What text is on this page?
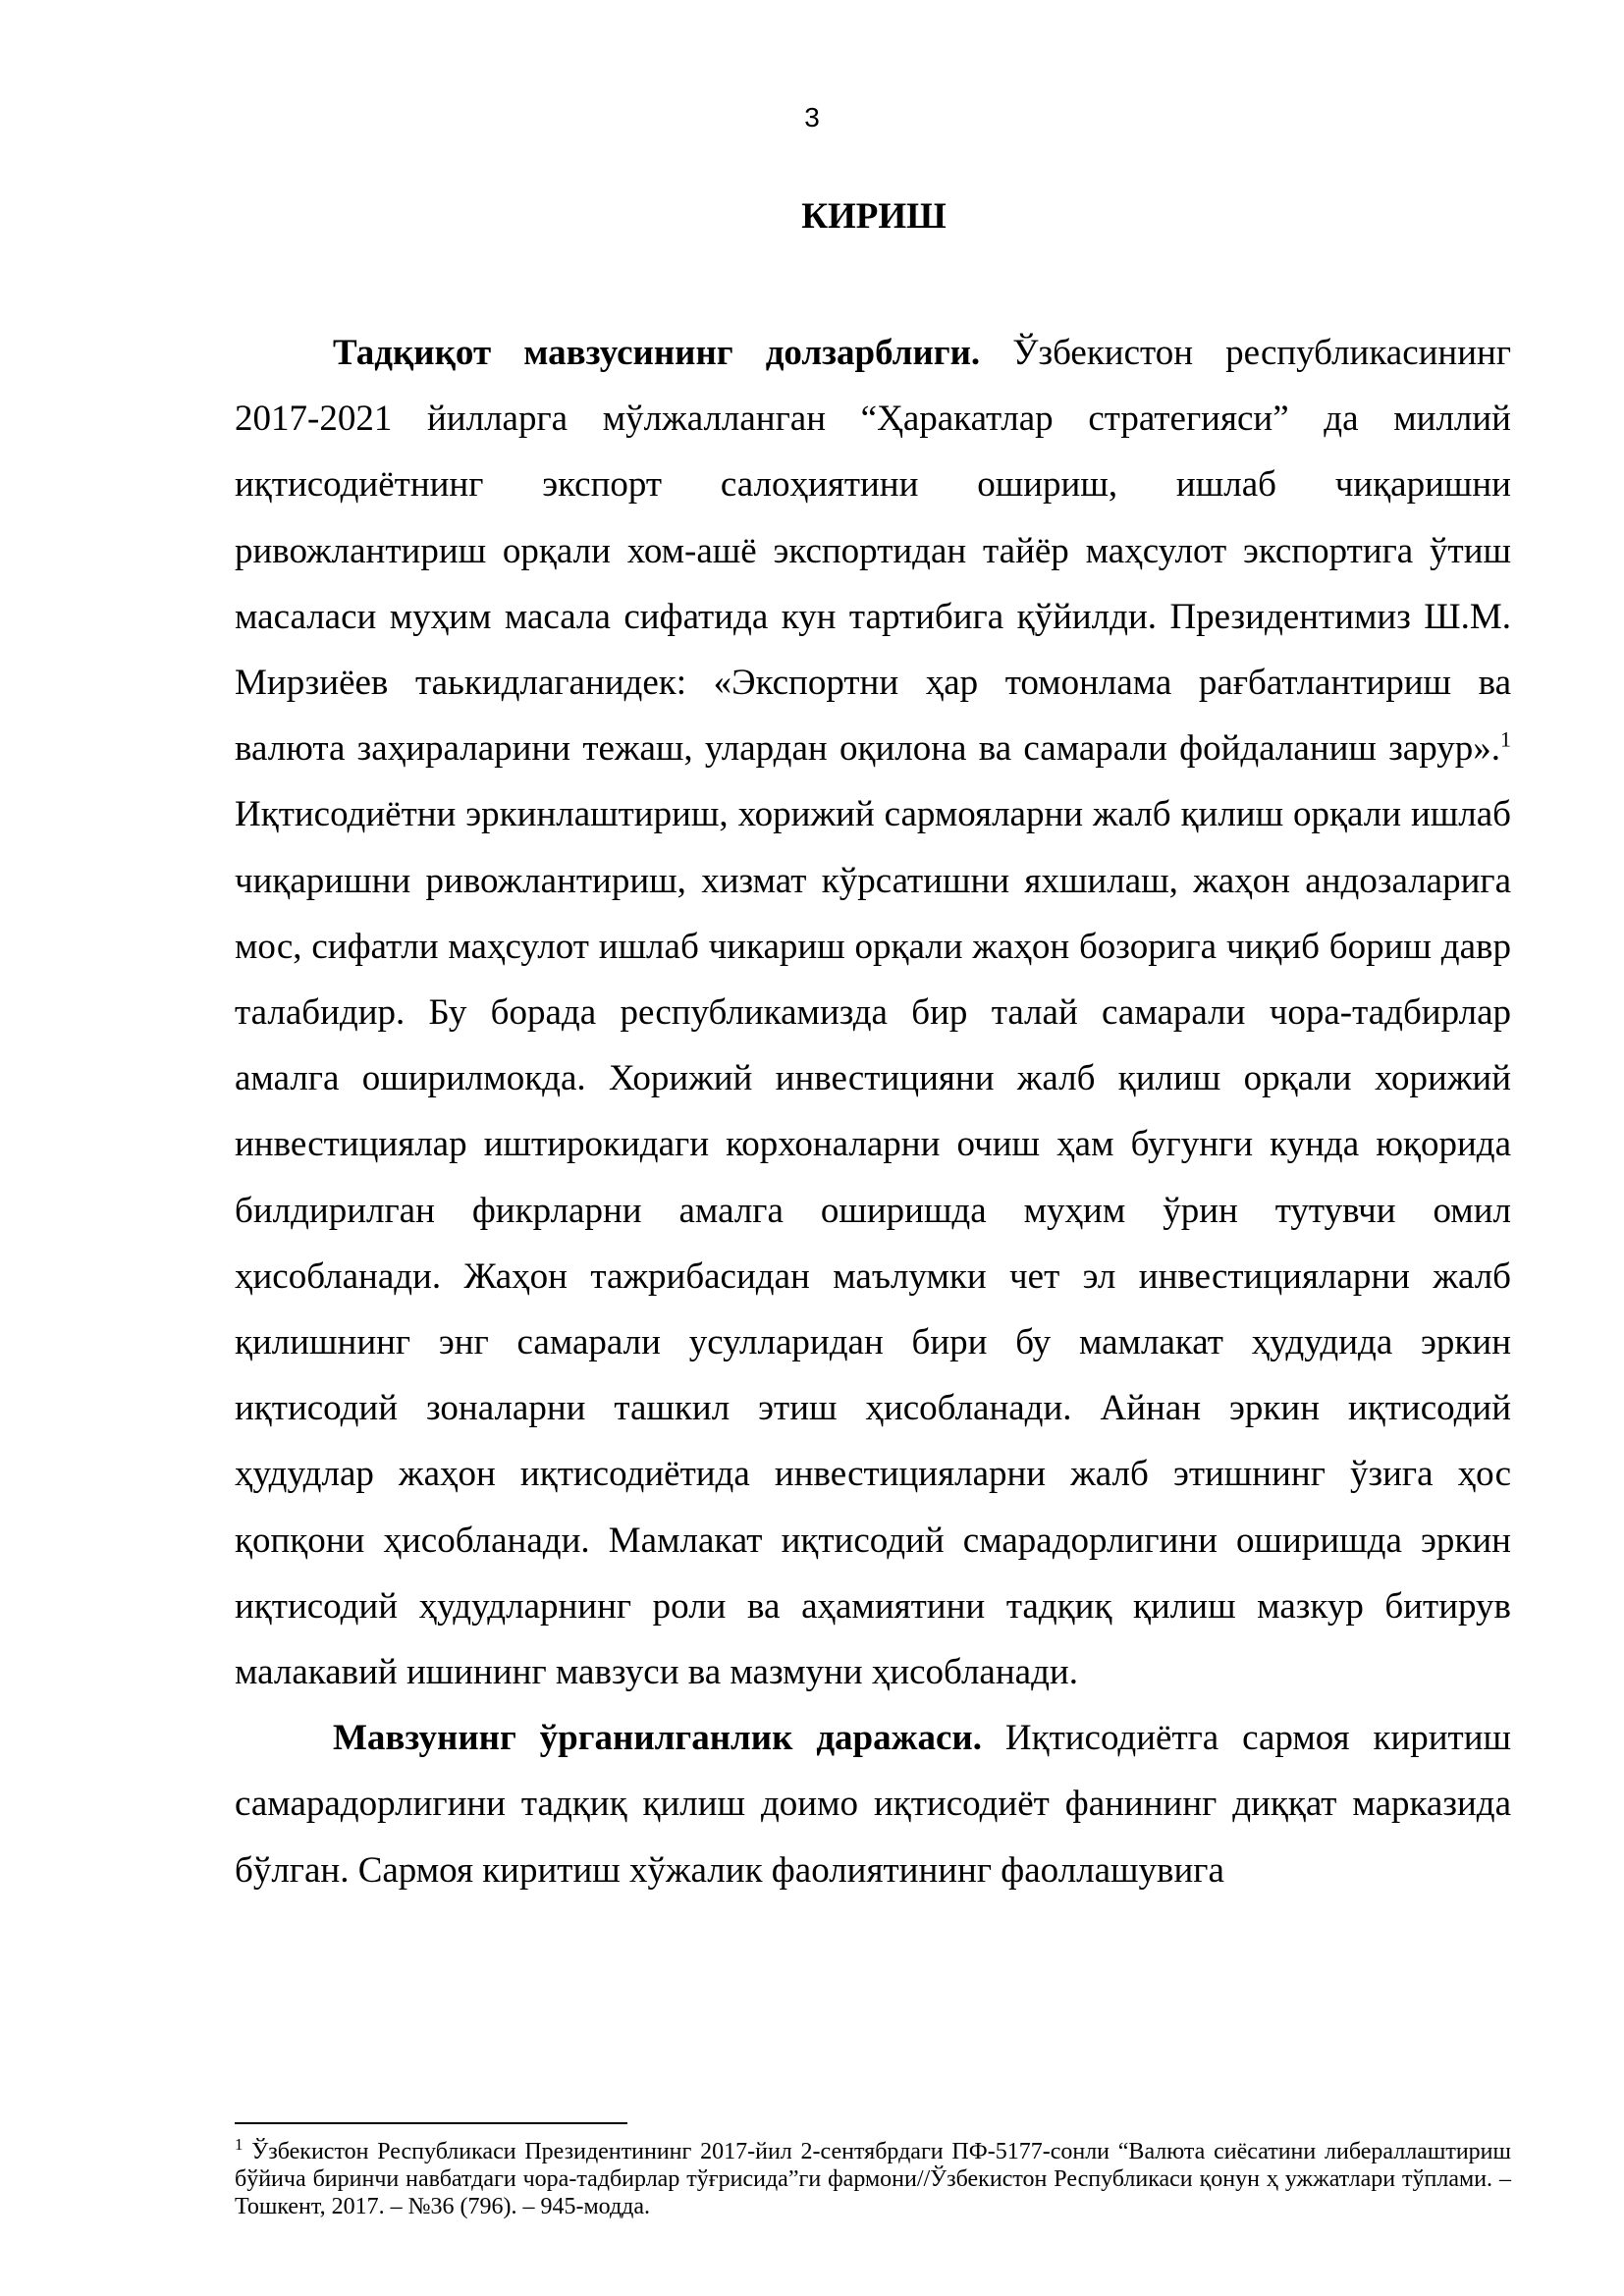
3
КИРИШ

Тадқиқот мавзусининг долзарблиги. Ўзбекистон республикасининг 2017-2021 йилларга мўлжалланган “Ҳаракатлар стратегияси” да миллий иқтисодиётнинг экспорт салоҳиятини ошириш, ишлаб чиқаришни ривожлантириш орқали хом-ашё экспортидан тайёр маҳсулот экспортига ўтиш масаласи муҳим масала сифатида кун тартибига қўйилди. Президентимиз Ш.М. Мирзиёев таькидлаганидек: «Экспортни ҳар томонлама рағбатлантириш ва валюта заҳираларини тежаш, улардан оқилона ва самарали фойдаланиш зарур».$^1$ Иқтисодиётни эркинлаштириш, хорижий сармояларни жалб қилиш орқали ишлаб чиқаришни ривожлантириш, хизмат кўрсатишни яхшилаш, жаҳон андозаларига мос, сифатли маҳсулот ишлаб чикариш орқали жаҳон бозорига чиқиб бориш давр талабидир. Бу борада республикамизда бир талай самарали чора-тадбирлар амалга оширилмокда. Хорижий инвестицияни жалб қилиш орқали хорижий инвестициялар иштирокидаги корхоналарни очиш ҳам бугунги кунда юқорида билдирилган фикрларни амалга оширишда муҳим ўрин тутувчи омил ҳисобланади. Жаҳон тажрибасидан маълумки чет эл инвестицияларни жалб қилишнинг энг самарали усулларидан бири бу мамлакат ҳудудида эркин иқтисодий зоналарни ташкил этиш ҳисобланади. Айнан эркин иқтисодий ҳудудлар жаҳон иқтисодиётида инвестицияларни жалб этишнинг ўзига ҳос қопқони ҳисобланади. Мамлакат иқтисодий смарадорлигини оширишда эркин иқтисодий ҳудудларнинг роли ва аҳамиятини тадқиқ қилиш мазкур битирув малакавий ишининг мавзуси ва мазмуни ҳисобланади.

Мавзунинг ўрганилганлик даражаси. Иқтисодиётга сармоя киритиш самарадорлигини тадқиқ қилиш доимо иқтисодиёт фанининг диққат марказида бўлган. Сармоя киритиш хўжалик фаолиятининг фаоллашувига

$^1$ Ўзбекистон Республикаси Президентининг 2017-йил 2-сентябрдаги ПФ-5177-сонли “Валюта сиёсатини либераллаштириш бўйича биринчи навбатдаги чора-тадбирлар тўғрисида”ги фармони//Ўзбекистон Республикаси қонун ҳ ужжатлари тўплами. – Тошкент, 2017. – №36 (796). – 945-модда.
